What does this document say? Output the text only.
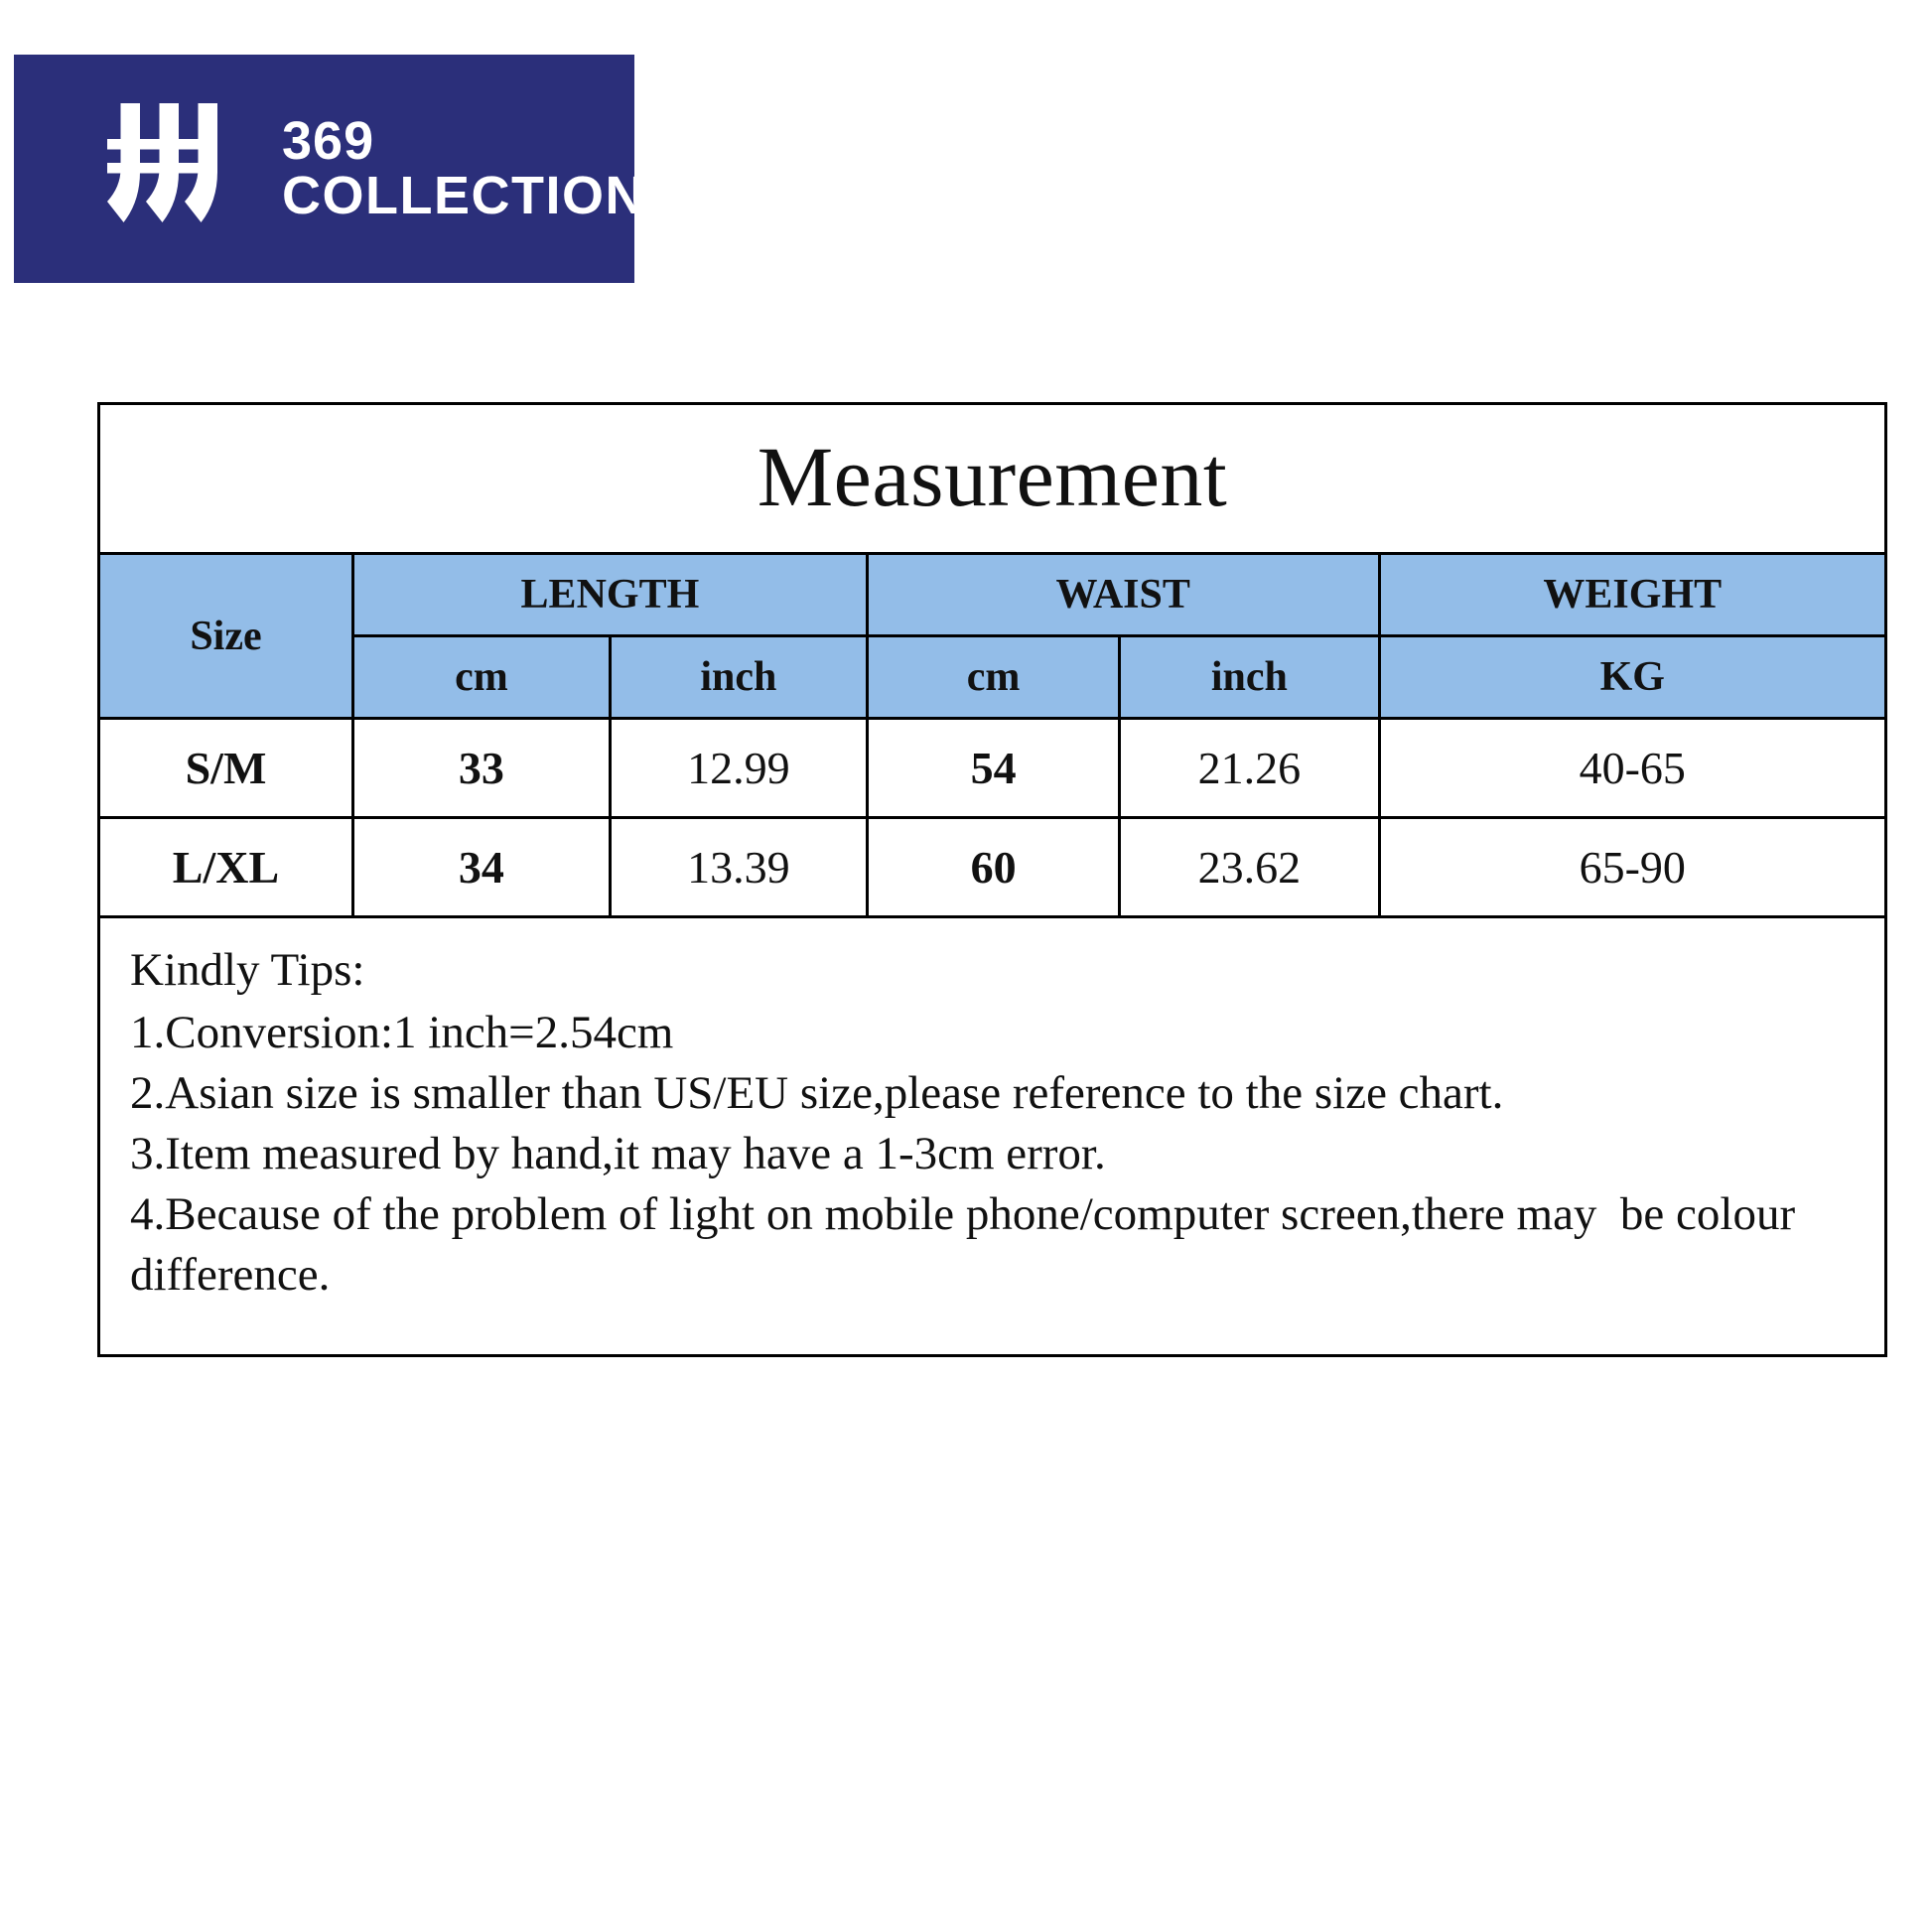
369
COLLECTIONS
Measurement
Size	LENGTH		WAIST		WEIGHT
	cm	inch	cm	inch	KG
S/M	33	12.99	54	21.26	40-65
L/XL	34	13.39	60	23.62	65-90
Kindly Tips:
1.Conversion:1 inch=2.54cm
2.Asian size is smaller than US/EU size,please reference to the size chart.
3.Item measured by hand,it may have a 1-3cm error.
4.Because of the problem of light on mobile phone/computer screen,there may  be colour difference.
